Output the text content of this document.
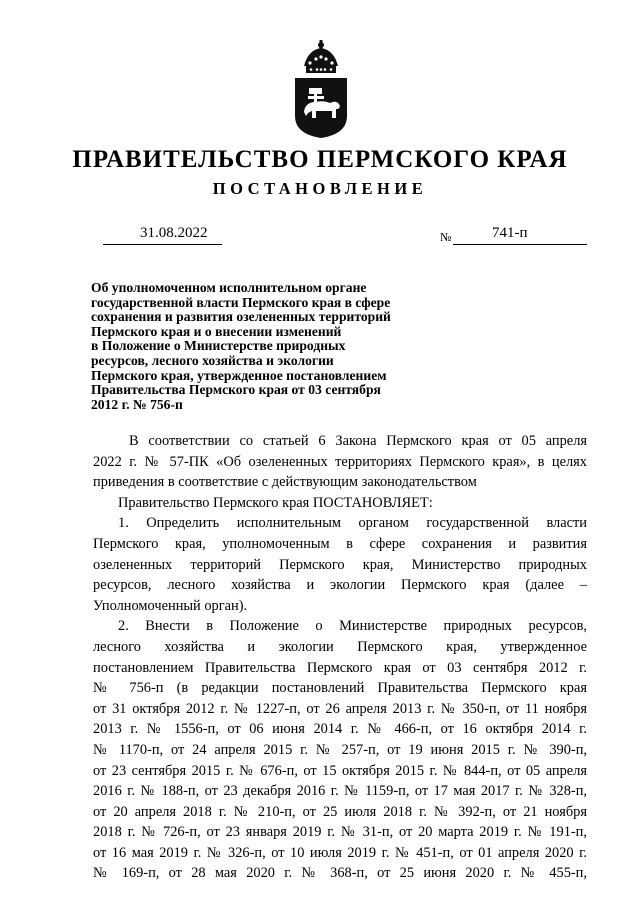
ПРАВИТЕЛЬСТВО ПЕРМСКОГО КРАЯ
ПОСТАНОВЛЕНИЕ
31.08.2022	№	741-п
Об уполномоченном исполнительном органе
государственной власти Пермского края в сфере
сохранения и развития озелененных территорий
Пермского края и о внесении изменений
в Положение о Министерстве природных
ресурсов, лесного хозяйства и экологии
Пермского края, утвержденное постановлением
Правительства Пермского края от 03 сентября
2012 г. № 756-п
В соответствии со статьей 6 Закона Пермского края от 05 апреля
2022 г. № 57-ПК «Об озелененных территориях Пермского края», в целях
приведения в соответствие с действующим законодательством
Правительство Пермского края ПОСТАНОВЛЯЕТ:
1. Определить исполнительным органом государственной власти
Пермского края, уполномоченным в сфере сохранения и развития
озелененных территорий Пермского края, Министерство природных
ресурсов, лесного хозяйства и экологии Пермского края (далее –
Уполномоченный орган).
2. Внести в Положение о Министерстве природных ресурсов,
лесного хозяйства и экологии Пермского края, утвержденное
постановлением Правительства Пермского края от 03 сентября 2012 г.
№ 756-п (в редакции постановлений Правительства Пермского края
от 31 октября 2012 г. № 1227-п, от 26 апреля 2013 г. № 350-п, от 11 ноября
2013 г. № 1556-п, от 06 июня 2014 г. № 466-п, от 16 октября 2014 г.
№ 1170-п, от 24 апреля 2015 г. № 257-п, от 19 июня 2015 г. № 390-п,
от 23 сентября 2015 г. № 676-п, от 15 октября 2015 г. № 844-п, от 05 апреля
2016 г. № 188-п, от 23 декабря 2016 г. № 1159-п, от 17 мая 2017 г. № 328-п,
от 20 апреля 2018 г. № 210-п, от 25 июля 2018 г. № 392-п, от 21 ноября
2018 г. № 726-п, от 23 января 2019 г. № 31-п, от 20 марта 2019 г. № 191-п,
от 16 мая 2019 г. № 326-п, от 10 июля 2019 г. № 451-п, от 01 апреля 2020 г.
№ 169-п, от 28 мая 2020 г. № 368-п, от 25 июня 2020 г. № 455-п,
